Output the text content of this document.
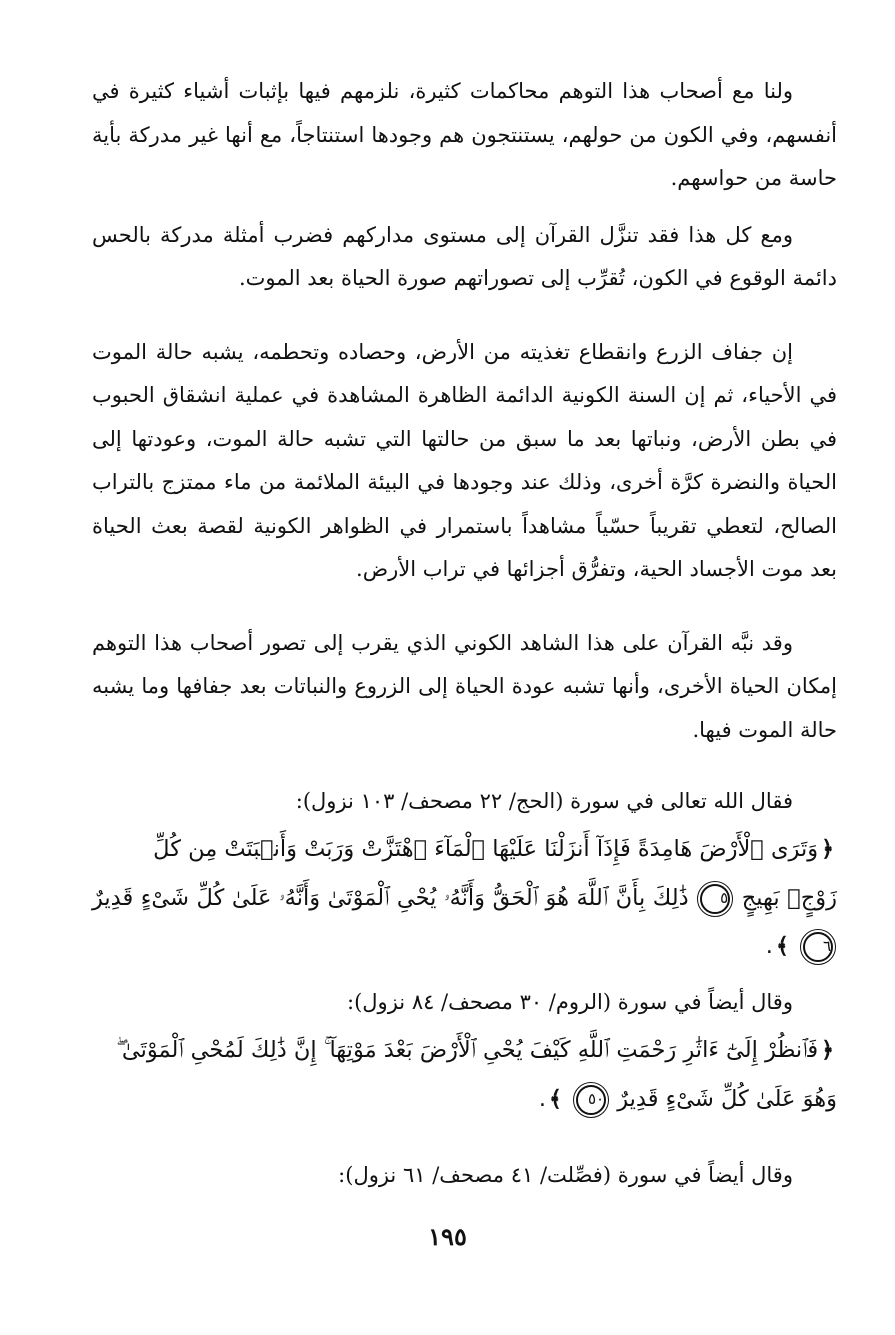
ولنا مع أصحاب هذا التوهم محاكمات كثيرة، نلزمهم فيها بإثبات أشياء كثيرة في أنفسهم، وفي الكون من حولهم، يستنتجون هم وجودها استنتاجاً، مع أنها غير مدركة بأية حاسة من حواسهم.

ومع كل هذا فقد تنزَّل القرآن إلى مستوى مداركهم فضرب أمثلة مدركة بالحس دائمة الوقوع في الكون، تُقرِّب إلى تصوراتهم صورة الحياة بعد الموت.

إن جفاف الزرع وانقطاع تغذيته من الأرض، وحصاده وتحطمه، يشبه حالة الموت في الأحياء، ثم إن السنة الكونية الدائمة الظاهرة المشاهدة في عملية انشقاق الحبوب في بطن الأرض، ونباتها بعد ما سبق من حالتها التي تشبه حالة الموت، وعودتها إلى الحياة والنضرة كرَّة أخرى، وذلك عند وجودها في البيئة الملائمة من ماء ممتزج بالتراب الصالح، لتعطي تقريباً حسّياً مشاهداً باستمرار في الظواهر الكونية لقصة بعث الحياة بعد موت الأجساد الحية، وتفرُّق أجزائها في تراب الأرض.

وقد نبَّه القرآن على هذا الشاهد الكوني الذي يقرب إلى تصور أصحاب هذا التوهم إمكان الحياة الأخرى، وأنها تشبه عودة الحياة إلى الزروع والنباتات بعد جفافها وما يشبه حالة الموت فيها.

فقال الله تعالى في سورة (الحج/ ٢٢ مصحف/ ١٠٣ نزول):

﴿وَتَرَى ٱلْأَرْضَ هَامِدَةً فَإِذَآ أَنزَلْنَا عَلَيْهَا ٱلْمَآءَ ٱهْتَزَّتْ وَرَبَتْ وَأَنۢبَتَتْ مِن كُلِّ
زَوْجٍۭ بَهِيجٍ ٥ ذَٰلِكَ بِأَنَّ ٱللَّهَ هُوَ ٱلْحَقُّ وَأَنَّهُۥ يُحْىِ ٱلْمَوْتَىٰ وَأَنَّهُۥ عَلَىٰ كُلِّ شَىْءٍ قَدِيرٌ ٦ ﴾.

وقال أيضاً في سورة (الروم/ ٣٠ مصحف/ ٨٤ نزول):

﴿فَٱنظُرْ إِلَىٰٓ ءَاثَٰرِ رَحْمَتِ ٱللَّهِ كَيْفَ يُحْىِ ٱلْأَرْضَ بَعْدَ مَوْتِهَآ ۚ إِنَّ ذَٰلِكَ لَمُحْىِ ٱلْمَوْتَىٰ ۖ
وَهُوَ عَلَىٰ كُلِّ شَىْءٍ قَدِيرٌ ٥٠ ﴾.

وقال أيضاً في سورة (فصِّلت/ ٤١ مصحف/ ٦١ نزول):

١٩٥
